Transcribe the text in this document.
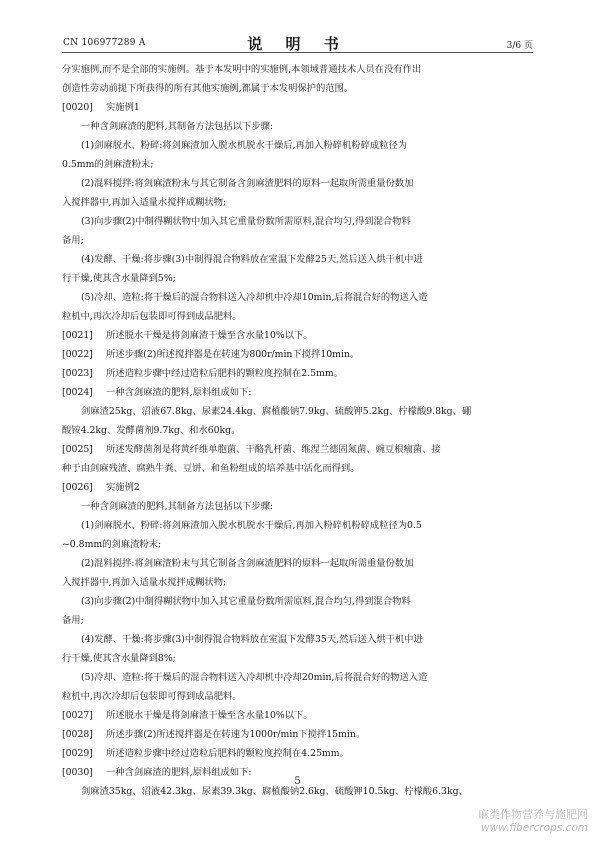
CN 106977289 A	说 明 书	3/6 页
分实施例,而不是全部的实施例。基于本发明中的实施例,本领域普通技术人员在没有作出
创造性劳动前提下所获得的所有其他实施例,都属于本发明保护的范围。
[0020] 实施例1
一种含剑麻渣的肥料,其制备方法包括以下步骤:
(1)剑麻脱水、粉碎:将剑麻渣加入脱水机脱水干燥后,再加入粉碎机粉碎成粒径为
0.5mm的剑麻渣粉末;
(2)混料搅拌:将剑麻渣粉末与其它制备含剑麻渣肥料的原料一起取所需重量份数加
入搅拌器中,再加入适量水搅拌成糊状物;
(3)向步骤(2)中制得糊状物中加入其它重量份数所需原料,混合均匀,得到混合物料
备用;
(4)发酵、干燥:将步骤(3)中制得混合物料放在室温下发酵25天,然后送入烘干机中进
行干燥,使其含水量降到5%;
(5)冷却、造粒:将干燥后的混合物料送入冷却机中冷却10min,后将混合好的物送入造
粒机中,再次冷却后包装即可得到成品肥料。
[0021] 所述脱水干燥是将剑麻渣干燥至含水量10%以下。
[0022] 所述步骤(2)所述搅拌器是在转速为800r/min下搅拌10min。
[0023] 所述造粒步骤中经过造粒后肥料的颗粒度控制在2.5mm。
[0024] 一种含剑麻渣的肥料,原料组成如下:
剑麻渣25kg、沼液67.8kg、尿素24.4kg、腐植酸钠7.9kg、硫酸钾5.2kg、柠檬酸9.8kg、硼
酸铵4.2kg、发酵菌剂9.7kg、和水60kg。
[0025] 所述发酵菌剂是将黄纤维单胞菌、干酪乳杆菌、维涅兰德固氮菌、豌豆根瘤菌、接
种于由剑麻残渣、腐熟牛粪、豆饼、和鱼粉组成的培养基中活化而得到。
[0026] 实施例2
一种含剑麻渣的肥料,其制备方法包括以下步骤:
(1)剑麻脱水、粉碎:将剑麻渣加入脱水机脱水干燥后,再加入粉碎机粉碎成粒径为0.5
~0.8mm的剑麻渣粉末;
(2)混料搅拌:将剑麻渣粉末与其它制备含剑麻渣肥料的原料一起取所需重量份数加
入搅拌器中,再加入适量水搅拌成糊状物;
(3)向步骤(2)中制得糊状物中加入其它重量份数所需原料,混合均匀,得到混合物料
备用;
(4)发酵、干燥:将步骤(3)中制得混合物料放在室温下发酵35天,然后送入烘干机中进
行干燥,使其含水量降到8%;
(5)冷却、造粒:将干燥后的混合物料送入冷却机中冷却20min,后将混合好的物送入造
粒机中,再次冷却后包装即可得到成品肥料。
[0027] 所述脱水干燥是将剑麻渣干燥至含水量10%以下。
[0028] 所述步骤(2)所述搅拌器是在转速为1000r/min下搅拌15min。
[0029] 所述造粒步骤中经过造粒后肥料的颗粒度控制在4.25mm。
[0030] 一种含剑麻渣的肥料,原料组成如下:
剑麻渣35kg、沼液42.3kg、尿素39.3kg、腐植酸钠2.6kg、硫酸钾10.5kg、柠檬酸6.3kg、
5
麻类作物营养与施肥网
www.fibercrops.com
